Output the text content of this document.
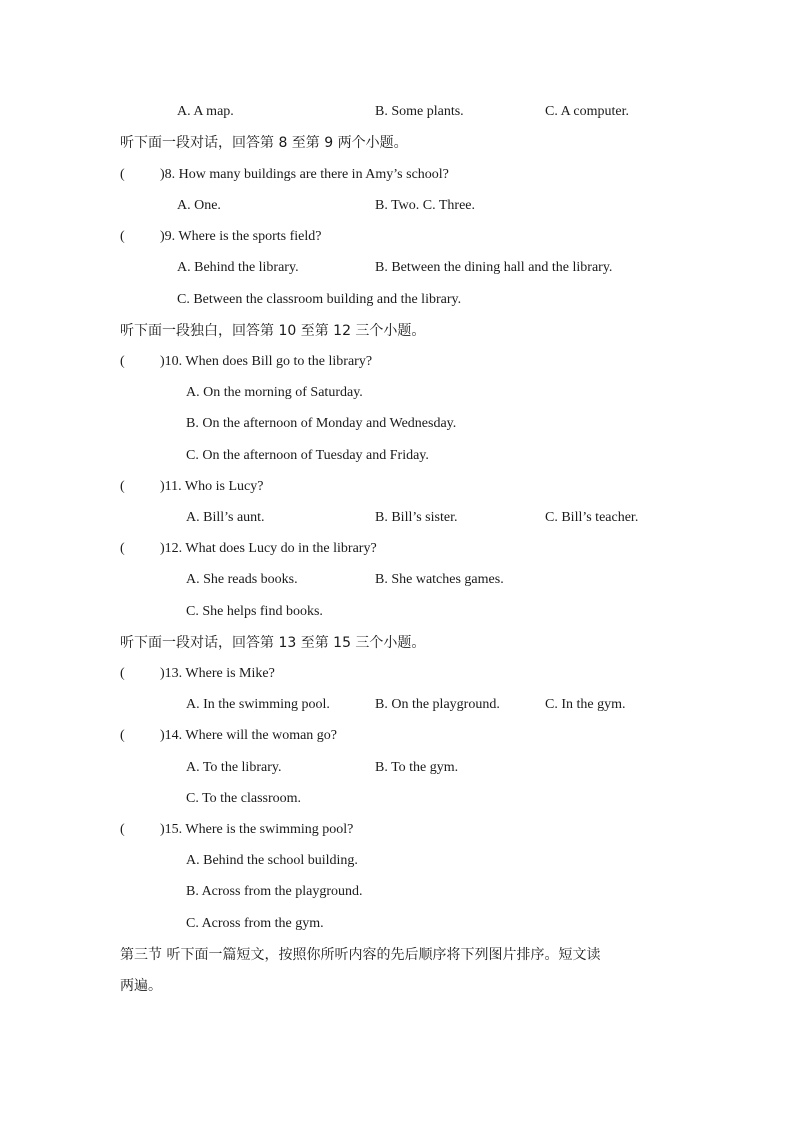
A. A map.	B. Some plants.	C. A computer.
听下面一段对话，回答第 8 至第 9 两个小题。
(	)8. How many buildings are there in Amy’s school?
A. One.	B. Two. C. Three.
(	)9. Where is the sports field?
A. Behind the library.	B. Between the dining hall and the library.
C. Between the classroom building and the library.
听下面一段独白，回答第 10 至第 12 三个小题。
(	)10. When does Bill go to the library?
A. On the morning of Saturday.
B. On the afternoon of Monday and Wednesday.
C. On the afternoon of Tuesday and Friday.
(	)11. Who is Lucy?
A. Bill’s aunt.	B. Bill’s sister.	C. Bill’s teacher.
(	)12. What does Lucy do in the library?
A. She reads books.	B. She watches games.
C. She helps find books.
听下面一段对话，回答第 13 至第 15 三个小题。
(	)13. Where is Mike?
A. In the swimming pool.	B. On the playground.	C. In the gym.
(	)14. Where will the woman go?
A. To the library.	B. To the gym.
C. To the classroom.
(	)15. Where is the swimming pool?
A. Behind the school building.
B. Across from the playground.
C. Across from the gym.
第三节 听下面一篇短文，按照你所听内容的先后顺序将下列图片排序。短文读
两遍。
